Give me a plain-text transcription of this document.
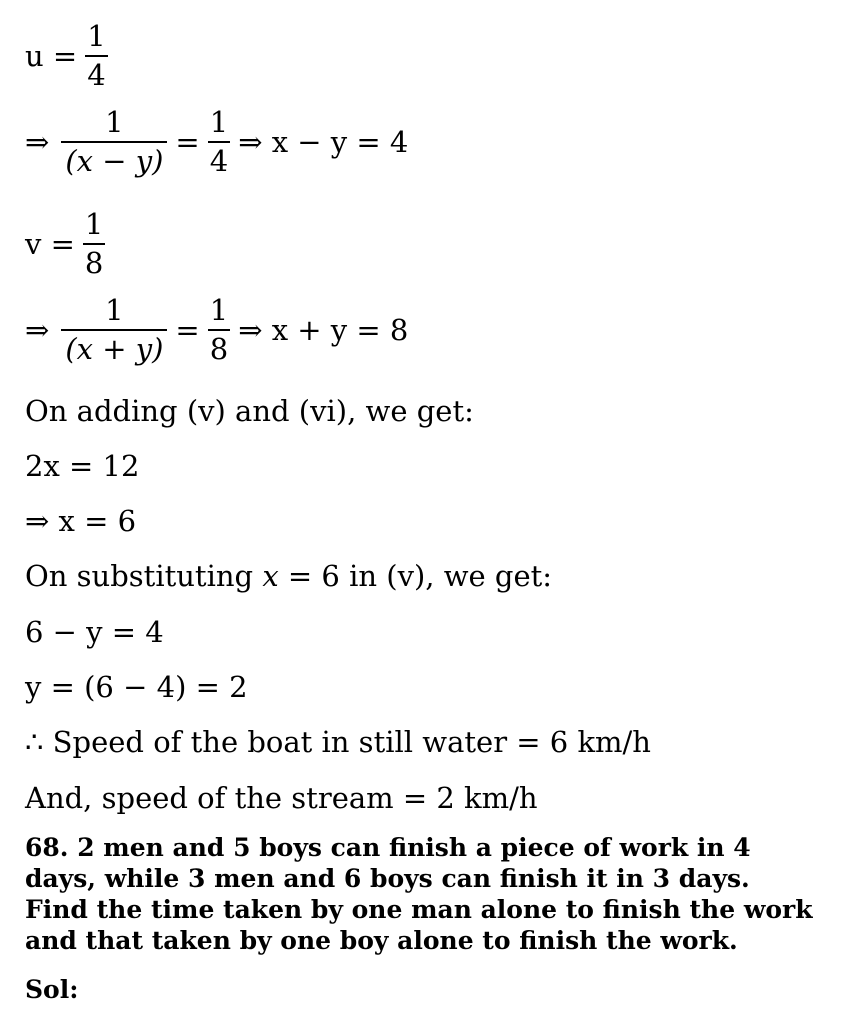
$u = \frac{1}{4}$
⇒ $\frac{1}{(x - y)} = \frac{1}{4}$ ⇒ x − y = 4
$v = \frac{1}{8}$
⇒ $\frac{1}{(x + y)} = \frac{1}{8}$ ⇒ x + y = 8
On adding (v) and (vi), we get:
2x = 12
⇒ x = 6
On substituting x = 6 in (v), we get:
6 − y = 4
y = (6 − 4) = 2
∴ Speed of the boat in still water = 6 km/h
And, speed of the stream = 2 km/h
68. 2 men and 5 boys can finish a piece of work in 4
days, while 3 men and 6 boys can finish it in 3 days.
Find the time taken by one man alone to finish the work
and that taken by one boy alone to finish the work.
Sol:
